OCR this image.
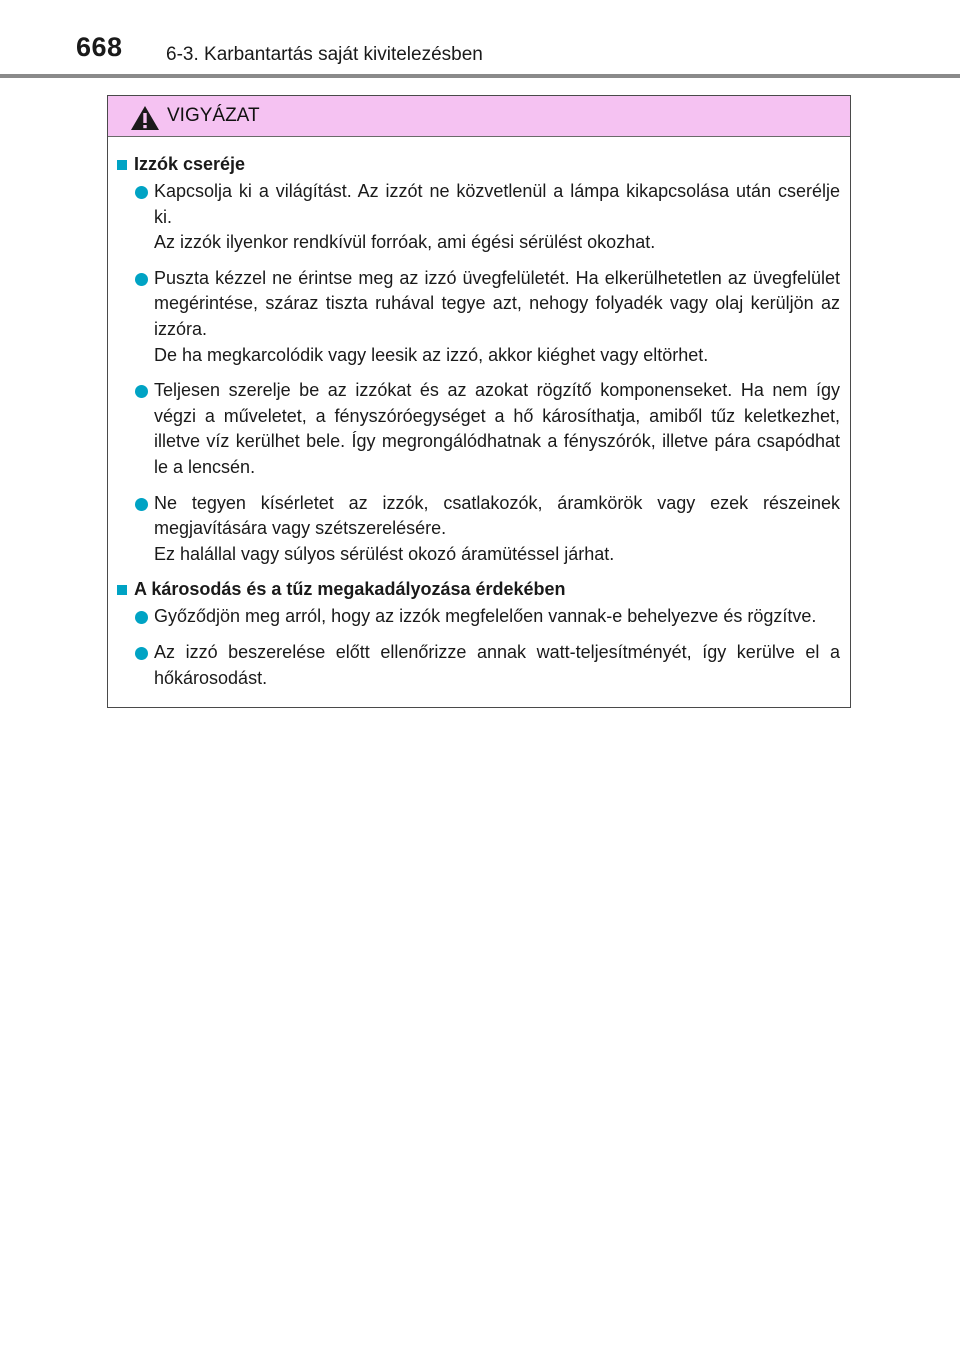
668 6-3. Karbantartás saját kivitelezésben
VIGYÁZAT
Izzók cseréje

Kapcsolja ki a világítást. Az izzót ne közvetlenül a lámpa kikapcsolása után cserélje ki.

Az izzók ilyenkor rendkívül forróak, ami égési sérülést okozhat.

Puszta kézzel ne érintse meg az izzó üvegfelületét. Ha elkerülhetetlen az üvegfelület megérintése, száraz tiszta ruhával tegye azt, nehogy folyadék vagy olaj kerüljön az izzóra.

De ha megkarcolódik vagy leesik az izzó, akkor kiéghet vagy eltörhet.

Teljesen szerelje be az izzókat és az azokat rögzítő komponenseket. Ha nem így végzi a műveletet, a fényszóróegységet a hő károsíthatja, amiből tűz keletkezhet, illetve víz kerülhet bele. Így megrongálódhatnak a fényszórók, illetve pára csapódhat le a lencsén.

Ne tegyen kísérletet az izzók, csatlakozók, áramkörök vagy ezek részeinek megjavítására vagy szétszerelésére.

Ez halállal vagy súlyos sérülést okozó áramütéssel járhat.

A károsodás és a tűz megakadályozása érdekében

Győződjön meg arról, hogy az izzók megfelelően vannak-e behelyezve és rögzítve.

Az izzó beszerelése előtt ellenőrizze annak watt-teljesítményét, így kerülve el a hőkárosodást.
